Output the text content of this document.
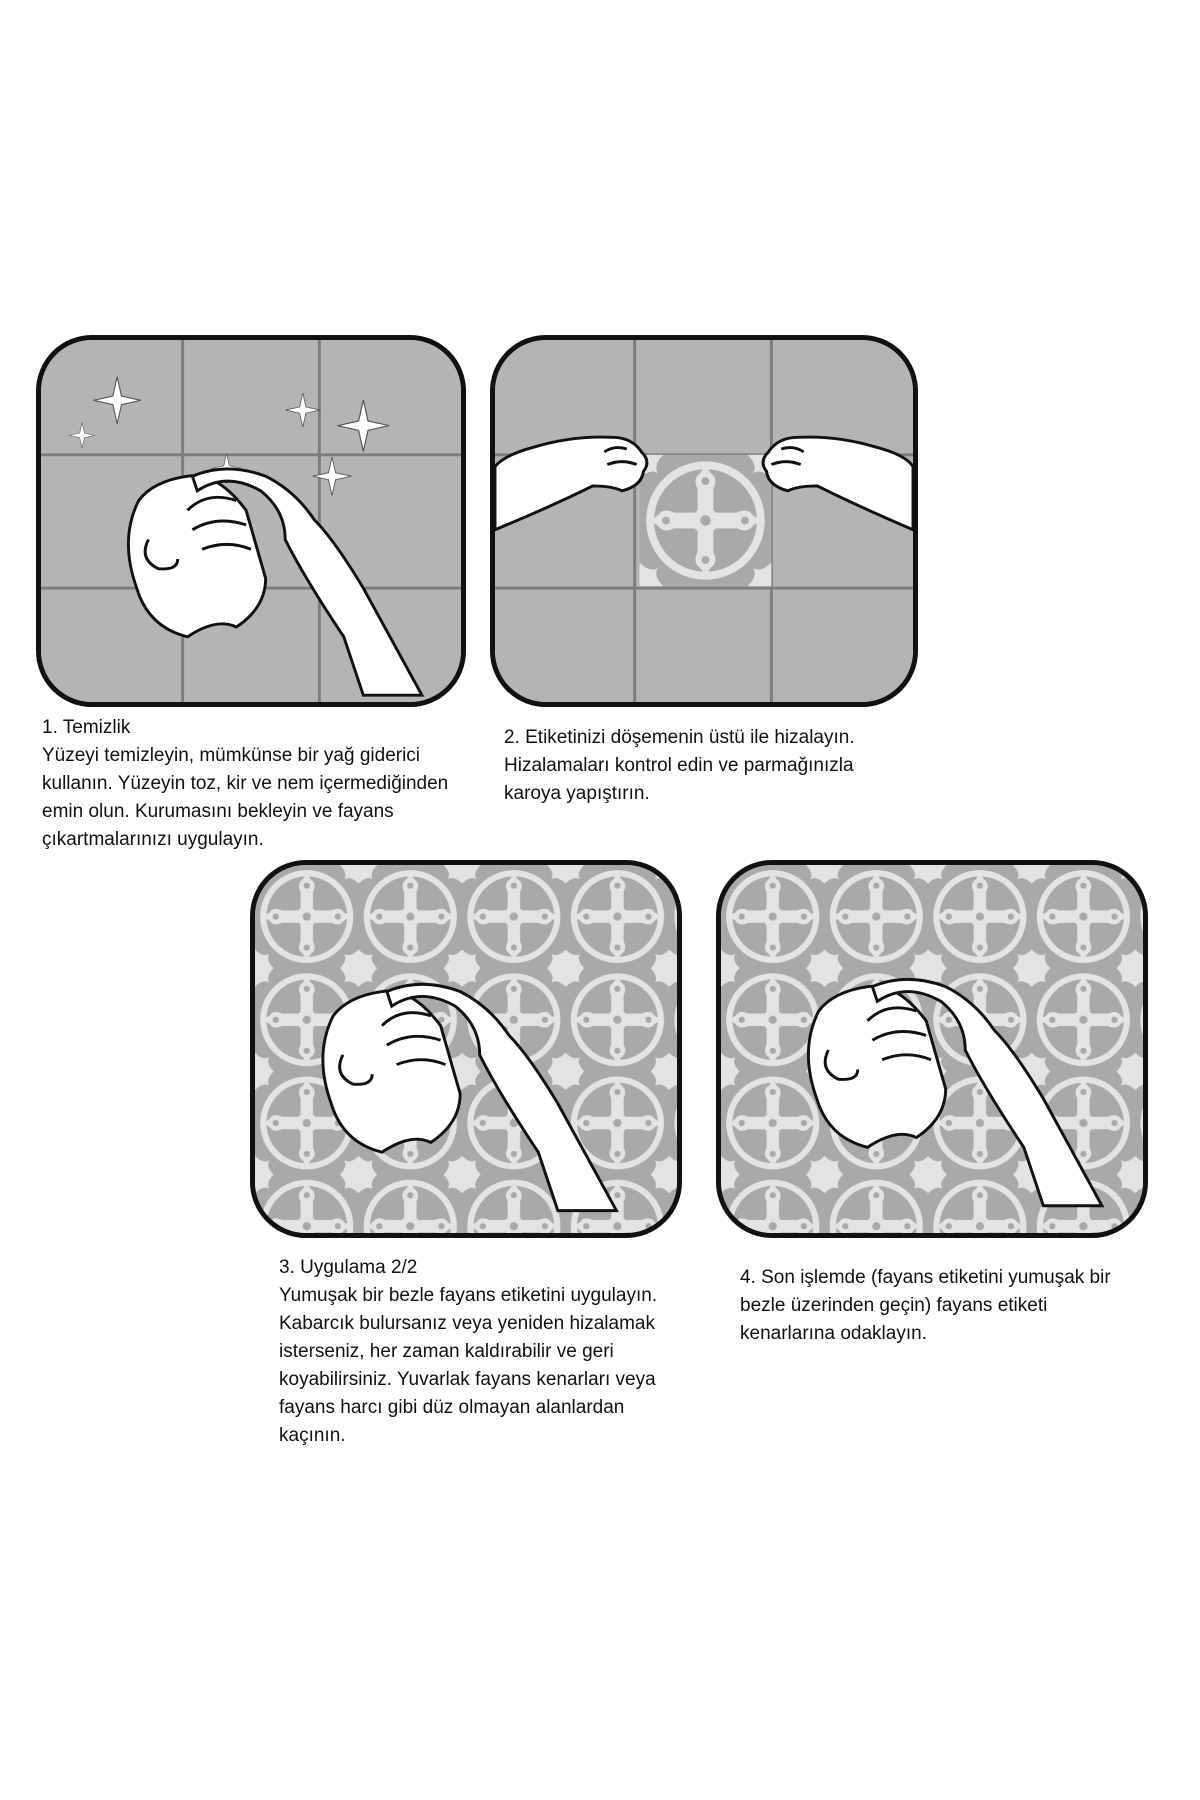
1. Temizlik
Yüzeyi temizleyin, mümkünse bir yağ giderici
kullanın. Yüzeyin toz, kir ve nem içermediğinden
emin olun. Kurumasını bekleyin ve fayans
çıkartmalarınızı uygulayın.
2. Etiketinizi döşemenin üstü ile hizalayın.
Hizalamaları kontrol edin ve parmağınızla
karoya yapıştırın.
3. Uygulama 2/2
Yumuşak bir bezle fayans etiketini uygulayın.
Kabarcık bulursanız veya yeniden hizalamak
isterseniz, her zaman kaldırabilir ve geri
koyabilirsiniz. Yuvarlak fayans kenarları veya
fayans harcı gibi düz olmayan alanlardan
kaçının.
4. Son işlemde (fayans etiketini yumuşak bir
bezle üzerinden geçin) fayans etiketi
kenarlarına odaklayın.
